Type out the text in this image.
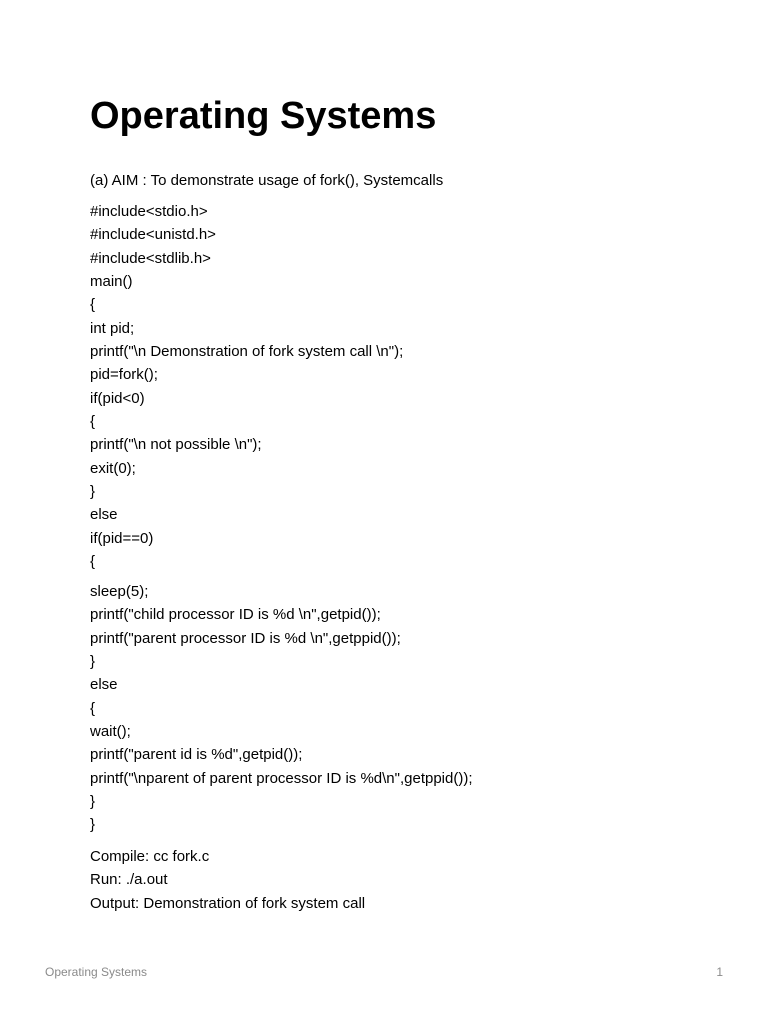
Operating Systems
(a) AIM : To demonstrate usage of fork(), Systemcalls
#include<stdio.h>
#include<unistd.h>
#include<stdlib.h>
main()
{
int pid;
printf("\n Demonstration of fork system call \n");
pid=fork();
if(pid<0)
{
printf("\n not possible \n");
exit(0);
}
else
if(pid==0)
{
sleep(5);
printf("child processor ID is %d \n",getpid());
printf("parent processor ID is %d \n",getppid());
}
else
{
wait();
printf("parent id is %d",getpid());
printf("\nparent of parent processor ID is %d\n",getppid());
}
}
Compile: cc fork.c
Run: ./a.out
Output: Demonstration of fork system call
Operating Systems	1
